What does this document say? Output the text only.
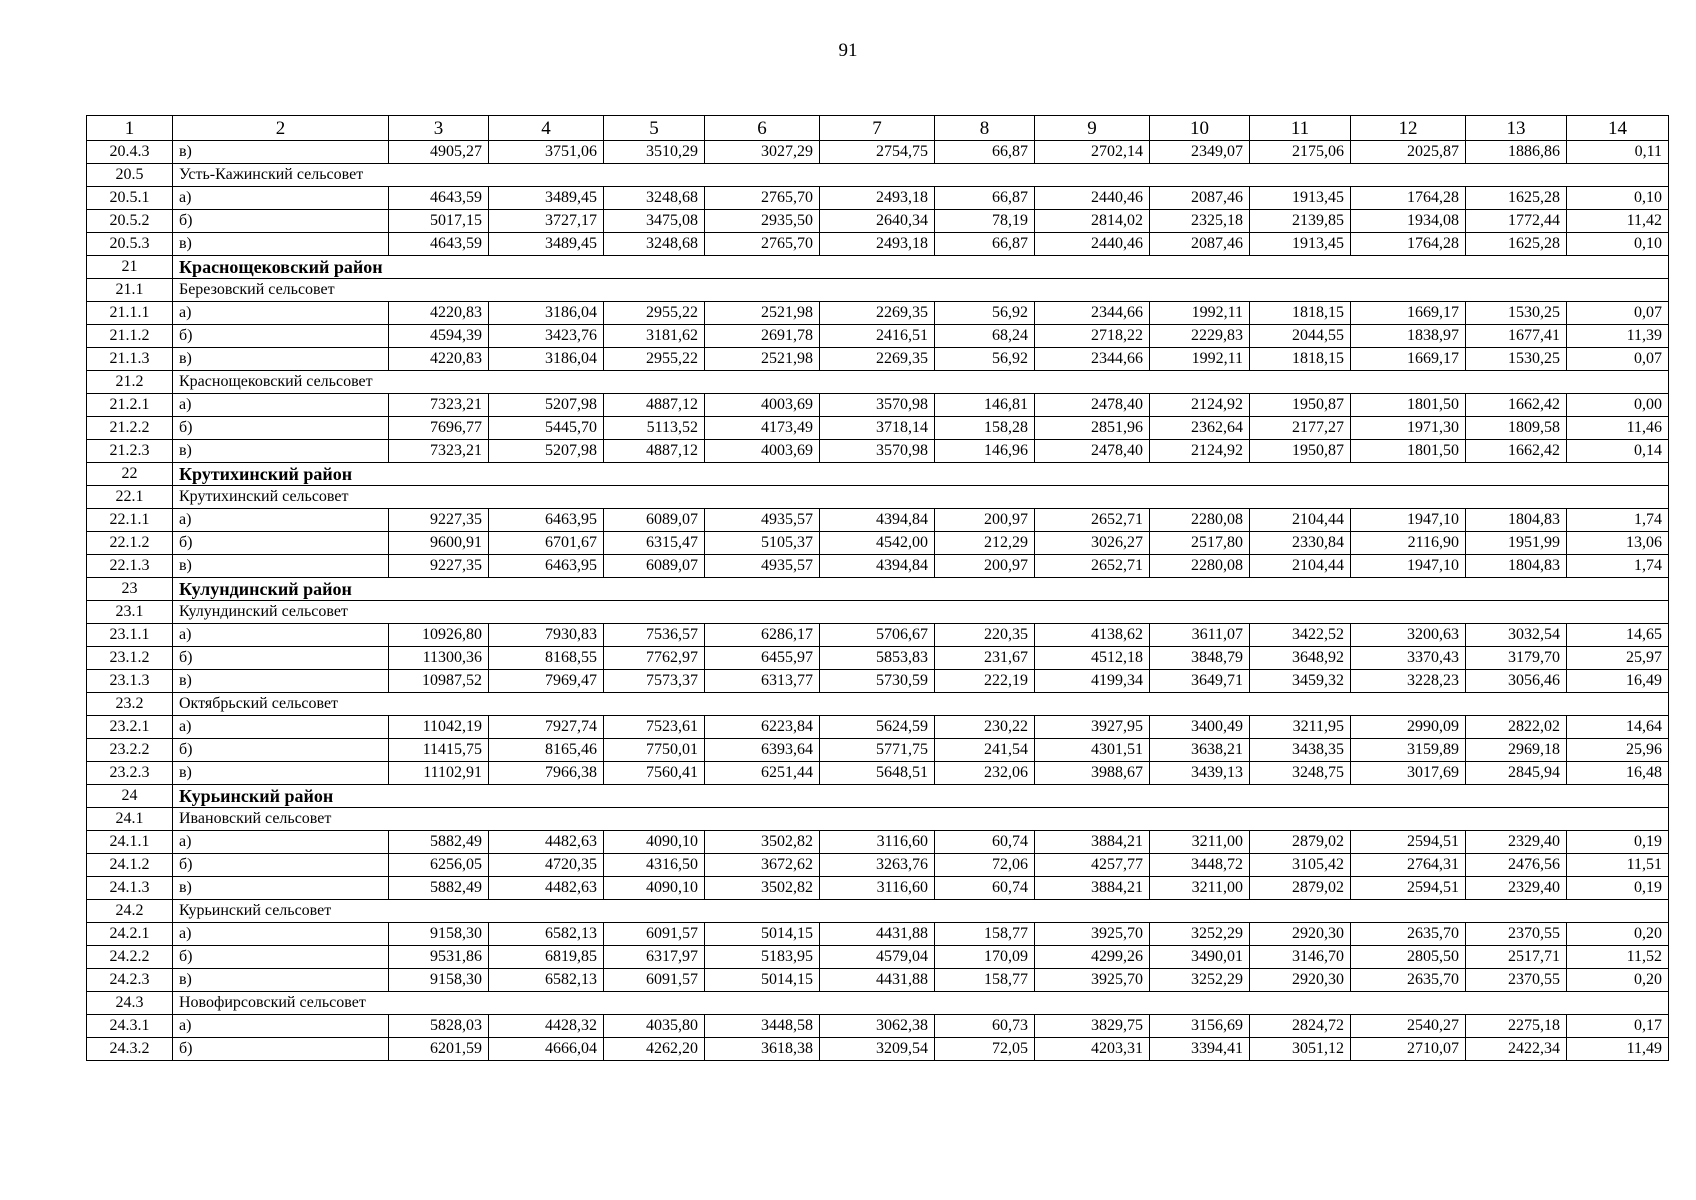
91
1	2	3	4	5	6	7	8	9	10	11	12	13	14
20.4.3	в)	4905,27	3751,06	3510,29	3027,29	2754,75	66,87	2702,14	2349,07	2175,06	2025,87	1886,86	0,11
20.5	Усть-Кажинский сельсовет												
20.5.1	а)	4643,59	3489,45	3248,68	2765,70	2493,18	66,87	2440,46	2087,46	1913,45	1764,28	1625,28	0,10
20.5.2	б)	5017,15	3727,17	3475,08	2935,50	2640,34	78,19	2814,02	2325,18	2139,85	1934,08	1772,44	11,42
20.5.3	в)	4643,59	3489,45	3248,68	2765,70	2493,18	66,87	2440,46	2087,46	1913,45	1764,28	1625,28	0,10
21	Краснощековский район												
21.1	Березовский сельсовет												
21.1.1	а)	4220,83	3186,04	2955,22	2521,98	2269,35	56,92	2344,66	1992,11	1818,15	1669,17	1530,25	0,07
21.1.2	б)	4594,39	3423,76	3181,62	2691,78	2416,51	68,24	2718,22	2229,83	2044,55	1838,97	1677,41	11,39
21.1.3	в)	4220,83	3186,04	2955,22	2521,98	2269,35	56,92	2344,66	1992,11	1818,15	1669,17	1530,25	0,07
21.2	Краснощековский сельсовет												
21.2.1	а)	7323,21	5207,98	4887,12	4003,69	3570,98	146,81	2478,40	2124,92	1950,87	1801,50	1662,42	0,00
21.2.2	б)	7696,77	5445,70	5113,52	4173,49	3718,14	158,28	2851,96	2362,64	2177,27	1971,30	1809,58	11,46
21.2.3	в)	7323,21	5207,98	4887,12	4003,69	3570,98	146,96	2478,40	2124,92	1950,87	1801,50	1662,42	0,14
22	Крутихинский район												
22.1	Крутихинский сельсовет												
22.1.1	а)	9227,35	6463,95	6089,07	4935,57	4394,84	200,97	2652,71	2280,08	2104,44	1947,10	1804,83	1,74
22.1.2	б)	9600,91	6701,67	6315,47	5105,37	4542,00	212,29	3026,27	2517,80	2330,84	2116,90	1951,99	13,06
22.1.3	в)	9227,35	6463,95	6089,07	4935,57	4394,84	200,97	2652,71	2280,08	2104,44	1947,10	1804,83	1,74
23	Кулундинский район												
23.1	Кулундинский сельсовет												
23.1.1	а)	10926,80	7930,83	7536,57	6286,17	5706,67	220,35	4138,62	3611,07	3422,52	3200,63	3032,54	14,65
23.1.2	б)	11300,36	8168,55	7762,97	6455,97	5853,83	231,67	4512,18	3848,79	3648,92	3370,43	3179,70	25,97
23.1.3	в)	10987,52	7969,47	7573,37	6313,77	5730,59	222,19	4199,34	3649,71	3459,32	3228,23	3056,46	16,49
23.2	Октябрьский сельсовет												
23.2.1	а)	11042,19	7927,74	7523,61	6223,84	5624,59	230,22	3927,95	3400,49	3211,95	2990,09	2822,02	14,64
23.2.2	б)	11415,75	8165,46	7750,01	6393,64	5771,75	241,54	4301,51	3638,21	3438,35	3159,89	2969,18	25,96
23.2.3	в)	11102,91	7966,38	7560,41	6251,44	5648,51	232,06	3988,67	3439,13	3248,75	3017,69	2845,94	16,48
24	Курьинский район												
24.1	Ивановский сельсовет												
24.1.1	а)	5882,49	4482,63	4090,10	3502,82	3116,60	60,74	3884,21	3211,00	2879,02	2594,51	2329,40	0,19
24.1.2	б)	6256,05	4720,35	4316,50	3672,62	3263,76	72,06	4257,77	3448,72	3105,42	2764,31	2476,56	11,51
24.1.3	в)	5882,49	4482,63	4090,10	3502,82	3116,60	60,74	3884,21	3211,00	2879,02	2594,51	2329,40	0,19
24.2	Курьинский сельсовет												
24.2.1	а)	9158,30	6582,13	6091,57	5014,15	4431,88	158,77	3925,70	3252,29	2920,30	2635,70	2370,55	0,20
24.2.2	б)	9531,86	6819,85	6317,97	5183,95	4579,04	170,09	4299,26	3490,01	3146,70	2805,50	2517,71	11,52
24.2.3	в)	9158,30	6582,13	6091,57	5014,15	4431,88	158,77	3925,70	3252,29	2920,30	2635,70	2370,55	0,20
24.3	Новофирсовский сельсовет												
24.3.1	а)	5828,03	4428,32	4035,80	3448,58	3062,38	60,73	3829,75	3156,69	2824,72	2540,27	2275,18	0,17
24.3.2	б)	6201,59	4666,04	4262,20	3618,38	3209,54	72,05	4203,31	3394,41	3051,12	2710,07	2422,34	11,49
